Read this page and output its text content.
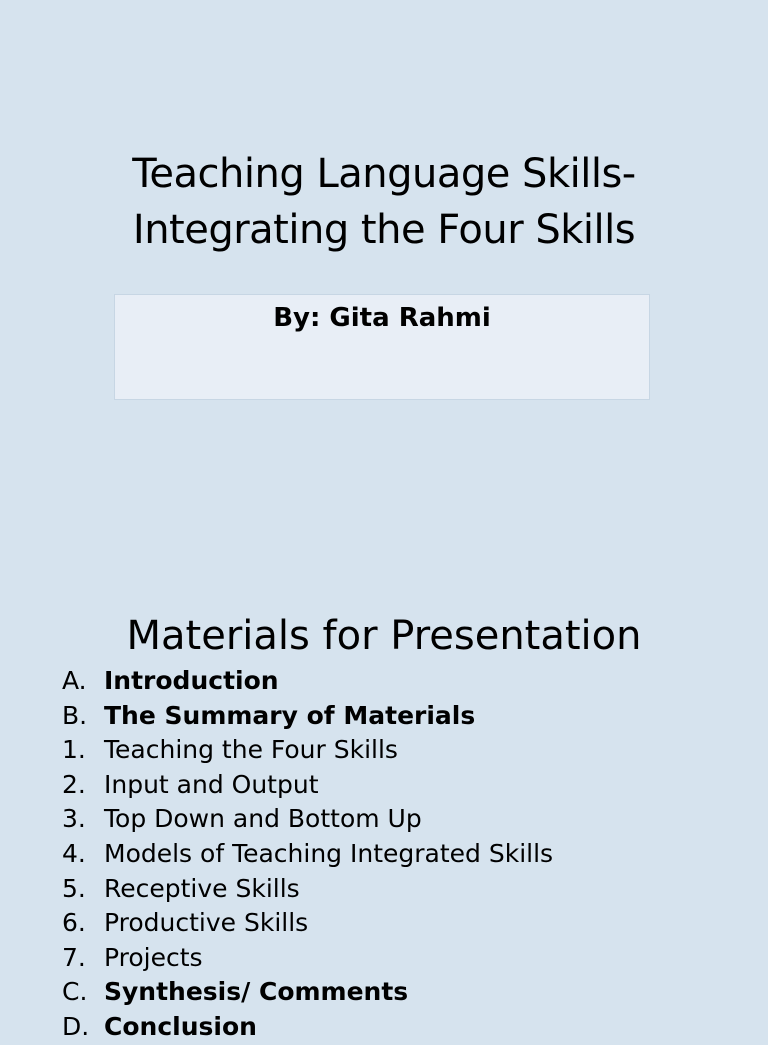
Teaching Language Skills-
Integrating the Four Skills
By: Gita Rahmi
Materials for Presentation
A. Introduction
B. The Summary of Materials
1. Teaching the Four Skills
2. Input and Output
3. Top Down and Bottom Up
4. Models of Teaching Integrated Skills
5. Receptive Skills
6. Productive Skills
7. Projects
C. Synthesis/ Comments
D. Conclusion
